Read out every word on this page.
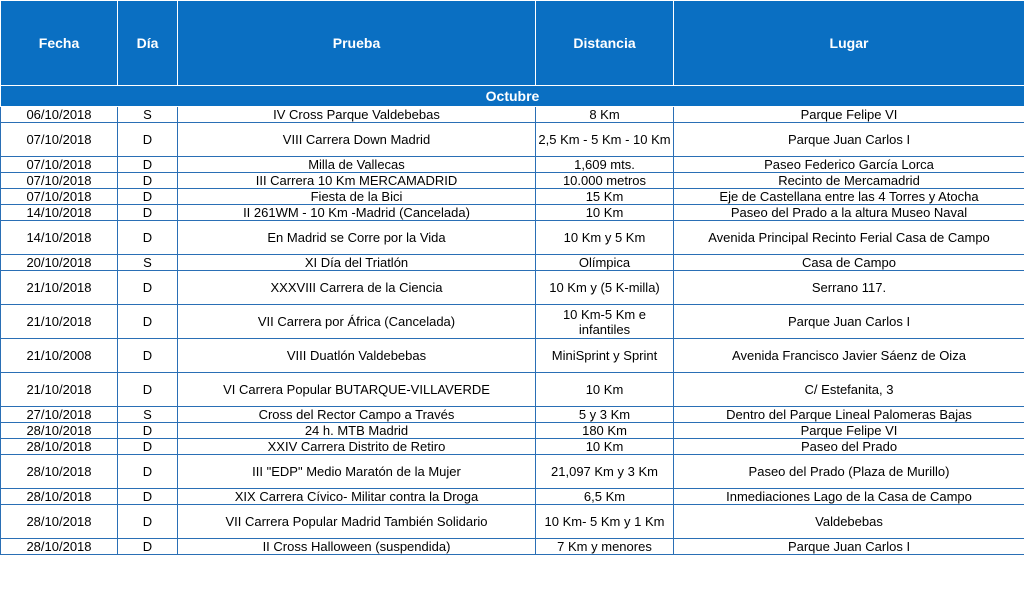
Fecha	Día	Prueba	Distancia	Lugar
Octubre				
06/10/2018	S	IV Cross Parque Valdebebas	8 Km	Parque Felipe VI
07/10/2018	D	VIII Carrera Down Madrid	2,5 Km - 5 Km - 10 Km	Parque Juan Carlos I
07/10/2018	D	Milla de Vallecas	1,609 mts.	Paseo Federico García Lorca
07/10/2018	D	III Carrera 10 Km MERCAMADRID	10.000 metros	Recinto de Mercamadrid
07/10/2018	D	Fiesta de la Bici	15 Km	Eje de Castellana entre las 4 Torres y Atocha
14/10/2018	D	II 261WM - 10 Km -Madrid (Cancelada)	10 Km	Paseo del Prado a la altura Museo Naval
14/10/2018	D	En Madrid se Corre por la Vida	10 Km y 5 Km	Avenida Principal Recinto Ferial Casa de Campo
20/10/2018	S	XI Día del Triatlón	Olímpica	Casa de Campo
21/10/2018	D	XXXVIII Carrera de la Ciencia	10 Km y (5 K-milla)	Serrano 117.
21/10/2018	D	VII Carrera por África (Cancelada)	10 Km-5 Km e infantiles	Parque Juan Carlos I
21/10/2008	D	VIII Duatlón Valdebebas	MiniSprint y Sprint	Avenida Francisco Javier Sáenz de Oiza
21/10/2018	D	VI Carrera Popular BUTARQUE-VILLAVERDE	10 Km	C/ Estefanita, 3
27/10/2018	S	Cross del Rector Campo a Través	5 y 3 Km	Dentro del Parque Lineal Palomeras Bajas
28/10/2018	D	24 h. MTB Madrid	180 Km	Parque Felipe VI
28/10/2018	D	XXIV Carrera Distrito de Retiro	10 Km	Paseo del Prado
28/10/2018	D	III "EDP" Medio Maratón de la Mujer	21,097 Km y 3 Km	Paseo del Prado (Plaza de Murillo)
28/10/2018	D	XIX Carrera Cívico- Militar contra la Droga	6,5 Km	Inmediaciones Lago de la Casa de Campo
28/10/2018	D	VII Carrera Popular Madrid También Solidario	10 Km- 5 Km y 1 Km	Valdebebas
28/10/2018	D	II Cross Halloween (suspendida)	7 Km y menores	Parque Juan Carlos I
